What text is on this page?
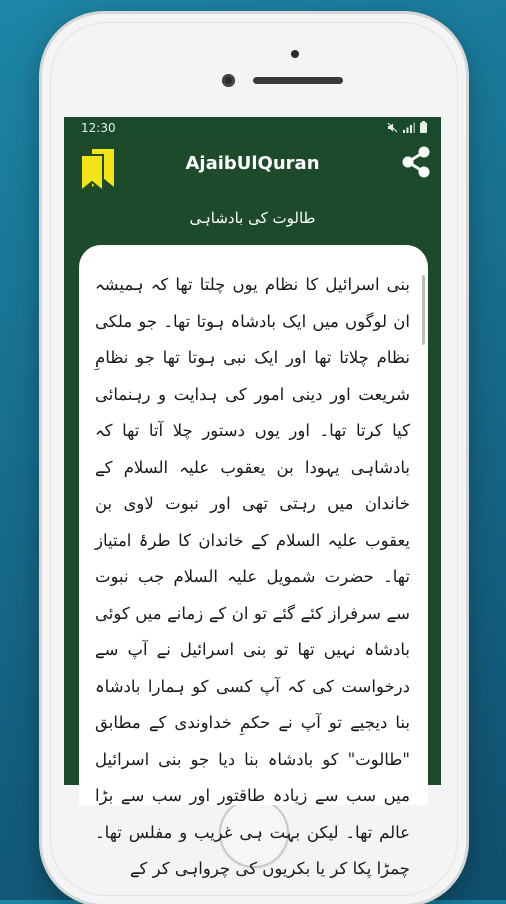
12:30
AjaibUlQuran
طالوت کی بادشاہی
بنی اسرائیل کا نظام یوں چلتا تھا کہ ہمیشہ ان لوگوں میں ایک بادشاہ ہوتا تھا۔ جو ملکی نظام چلاتا تھا اور ایک نبی ہوتا تھا جو نظامِ شریعت اور دینی امور کی ہدایت و رہنمائی کیا کرتا تھا۔ اور یوں دستور چلا آتا تھا کہ بادشاہی یہودا بن یعقوب علیہ السلام کے خاندان میں رہتی تھی اور نبوت لاوی بن یعقوب علیہ السلام کے خاندان کا طرۂ امتیاز تھا۔ حضرت شمویل علیہ السلام جب نبوت سے سرفراز کئے گئے تو ان کے زمانے میں کوئی بادشاہ نہیں تھا تو بنی اسرائیل نے آپ سے درخواست کی کہ آپ کسی کو ہمارا بادشاہ بنا دیجیے تو آپ نے حکمِ خداوندی کے مطابق "طالوت" کو بادشاہ بنا دیا جو بنی اسرائیل میں سب سے زیادہ طاقتور اور سب سے بڑا عالم تھا۔ لیکن بہت ہی غریب و مفلس تھا۔ چمڑا پکا کر یا بکریوں کی چرواہی کر کے
